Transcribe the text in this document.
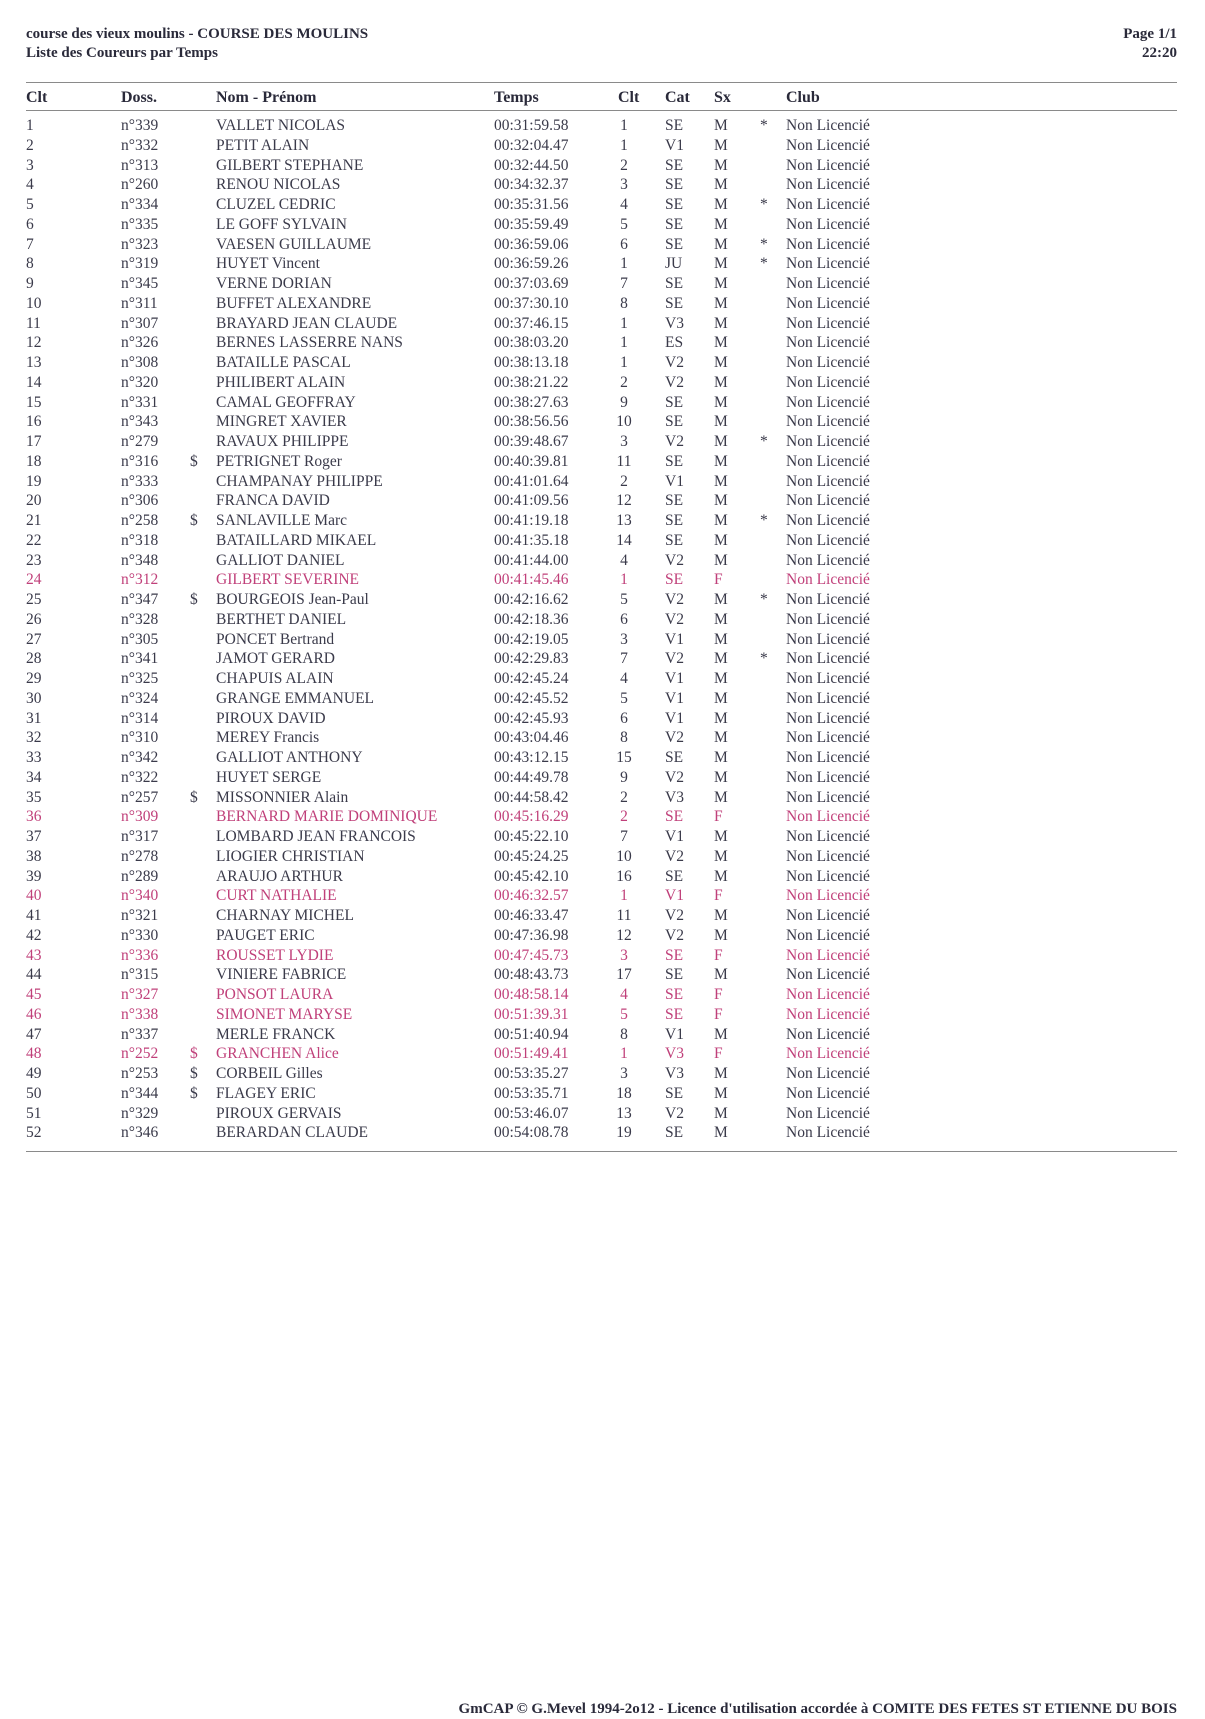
course des vieux moulins - COURSE DES MOULINS
Liste des Coureurs par Temps
Page 1/1
22:20
Clt	Doss.	Nom - Prénom	Temps	Clt Cat Sx	Club
1	n°339	VALLET NICOLAS	00:31:59.58	1	SE M * Non Licencié
2	n°332	PETIT ALAIN	00:32:04.47	1	V1 M	Non Licencié
3	n°313	GILBERT STEPHANE	00:32:44.50	2	SE M	Non Licencié
4	n°260	RENOU NICOLAS	00:34:32.37	3	SE M	Non Licencié
5	n°334	CLUZEL CEDRIC	00:35:31.56	4	SE M * Non Licencié
6	n°335	LE GOFF SYLVAIN	00:35:59.49	5	SE M	Non Licencié
7	n°323	VAESEN GUILLAUME	00:36:59.06	6	SE M * Non Licencié
8	n°319	HUYET Vincent	00:36:59.26	1	JU M * Non Licencié
9	n°345	VERNE DORIAN	00:37:03.69	7	SE M	Non Licencié
10	n°311	BUFFET ALEXANDRE	00:37:30.10	8	SE M	Non Licencié
11	n°307	BRAYARD JEAN CLAUDE	00:37:46.15	1	V3 M	Non Licencié
12	n°326	BERNES LASSERRE NANS	00:38:03.20	1	ES M	Non Licencié
13	n°308	BATAILLE PASCAL	00:38:13.18	1	V2 M	Non Licencié
14	n°320	PHILIBERT ALAIN	00:38:21.22	2	V2 M	Non Licencié
15	n°331	CAMAL GEOFFRAY	00:38:27.63	9	SE M	Non Licencié
16	n°343	MINGRET XAVIER	00:38:56.56	10 SE M	Non Licencié
17	n°279	RAVAUX PHILIPPE	00:39:48.67	3	V2 M * Non Licencié
18	n°316 $ PETRIGNET Roger	00:40:39.81	11 SE M	Non Licencié
19	n°333	CHAMPANAY PHILIPPE	00:41:01.64	2	V1 M	Non Licencié
20	n°306	FRANCA DAVID	00:41:09.56	12 SE M	Non Licencié
21	n°258 $ SANLAVILLE Marc	00:41:19.18	13 SE M * Non Licencié
22	n°318	BATAILLARD MIKAEL	00:41:35.18	14 SE M	Non Licencié
23	n°348	GALLIOT DANIEL	00:41:44.00	4	V2 M	Non Licencié
24	n°312	GILBERT SEVERINE	00:41:45.46	1	SE F	Non Licencié
25	n°347 $ BOURGEOIS Jean-Paul	00:42:16.62	5	V2 M * Non Licencié
26	n°328	BERTHET DANIEL	00:42:18.36	6	V2 M	Non Licencié
27	n°305	PONCET Bertrand	00:42:19.05	3	V1 M	Non Licencié
28	n°341	JAMOT GERARD	00:42:29.83	7	V2 M * Non Licencié
29	n°325	CHAPUIS ALAIN	00:42:45.24	4	V1 M	Non Licencié
30	n°324	GRANGE EMMANUEL	00:42:45.52	5	V1 M	Non Licencié
31	n°314	PIROUX DAVID	00:42:45.93	6	V1 M	Non Licencié
32	n°310	MEREY Francis	00:43:04.46	8	V2 M	Non Licencié
33	n°342	GALLIOT ANTHONY	00:43:12.15	15 SE M	Non Licencié
34	n°322	HUYET SERGE	00:44:49.78	9	V2 M	Non Licencié
35	n°257 $ MISSONNIER Alain	00:44:58.42	2	V3 M	Non Licencié
36	n°309	BERNARD MARIE DOMINIQUE	00:45:16.29	2	SE F	Non Licencié
37	n°317	LOMBARD JEAN FRANCOIS	00:45:22.10	7	V1 M	Non Licencié
38	n°278	LIOGIER CHRISTIAN	00:45:24.25	10 V2 M	Non Licencié
39	n°289	ARAUJO ARTHUR	00:45:42.10	16 SE M	Non Licencié
40	n°340	CURT NATHALIE	00:46:32.57	1	V1 F	Non Licencié
41	n°321	CHARNAY MICHEL	00:46:33.47	11 V2 M	Non Licencié
42	n°330	PAUGET ERIC	00:47:36.98	12 V2 M	Non Licencié
43	n°336	ROUSSET LYDIE	00:47:45.73	3	SE F	Non Licencié
44	n°315	VINIERE FABRICE	00:48:43.73	17 SE M	Non Licencié
45	n°327	PONSOT LAURA	00:48:58.14	4	SE F	Non Licencié
46	n°338	SIMONET MARYSE	00:51:39.31	5	SE F	Non Licencié
47	n°337	MERLE FRANCK	00:51:40.94	8	V1 M	Non Licencié
48	n°252 $ GRANCHEN Alice	00:51:49.41	1	V3 F	Non Licencié
49	n°253 $ CORBEIL Gilles	00:53:35.27	3	V3 M	Non Licencié
50	n°344 $ FLAGEY ERIC	00:53:35.71	18 SE M	Non Licencié
51	n°329	PIROUX GERVAIS	00:53:46.07	13 V2 M	Non Licencié
52	n°346	BERARDAN CLAUDE	00:54:08.78	19 SE M	Non Licencié
GmCAP © G.Mevel 1994-2o12 - Licence d'utilisation accordée à COMITE DES FETES ST ETIENNE DU BOIS
